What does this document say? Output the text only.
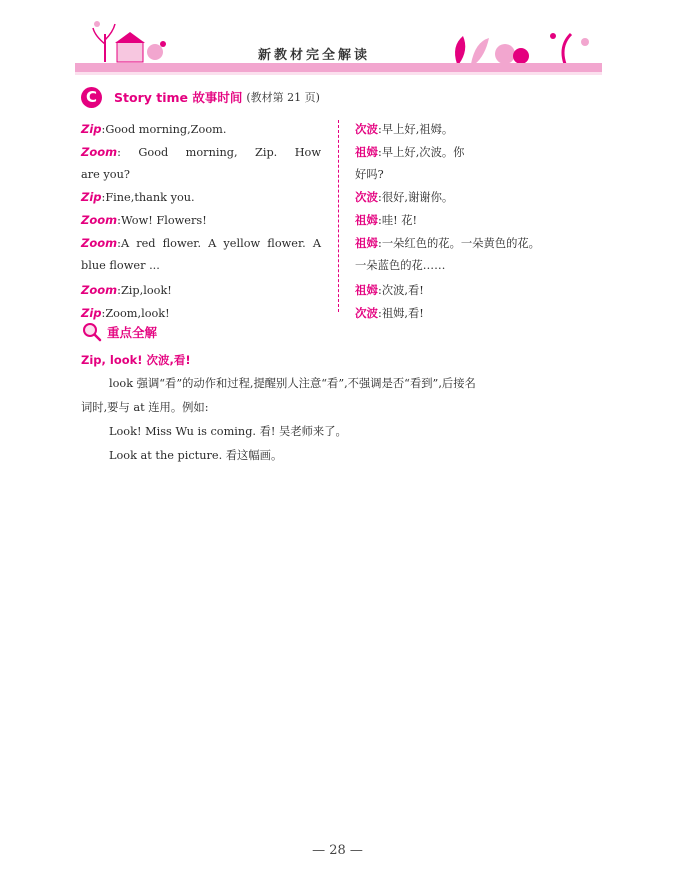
新教材完全解读
C	Story time 故事时间 (教材第 21 页)
Zip:Good morning,Zoom.
Zoom: Good morning, Zip. How
are you?
Zip:Fine,thank you.
Zoom:Wow! Flowers!
Zoom:A red flower. A yellow flower. A
blue flower ...
Zoom:Zip,look!
Zip:Zoom,look!
次波:早上好,祖姆。
祖姆:早上好,次波。你
好吗?
次波:很好,谢谢你。
祖姆:哇! 花!
祖姆:一朵红色的花。一朵黄色的花。
一朵蓝色的花……
祖姆:次波,看!
次波:祖姆,看!
重点全解
Zip, look! 次波,看!
look 强调“看”的动作和过程,提醒别人注意“看”,不强调是否“看到”,后接名
词时,要与 at 连用。例如:
Look! Miss Wu is coming. 看! 吴老师来了。
Look at the picture. 看这幅画。
— 28 —
